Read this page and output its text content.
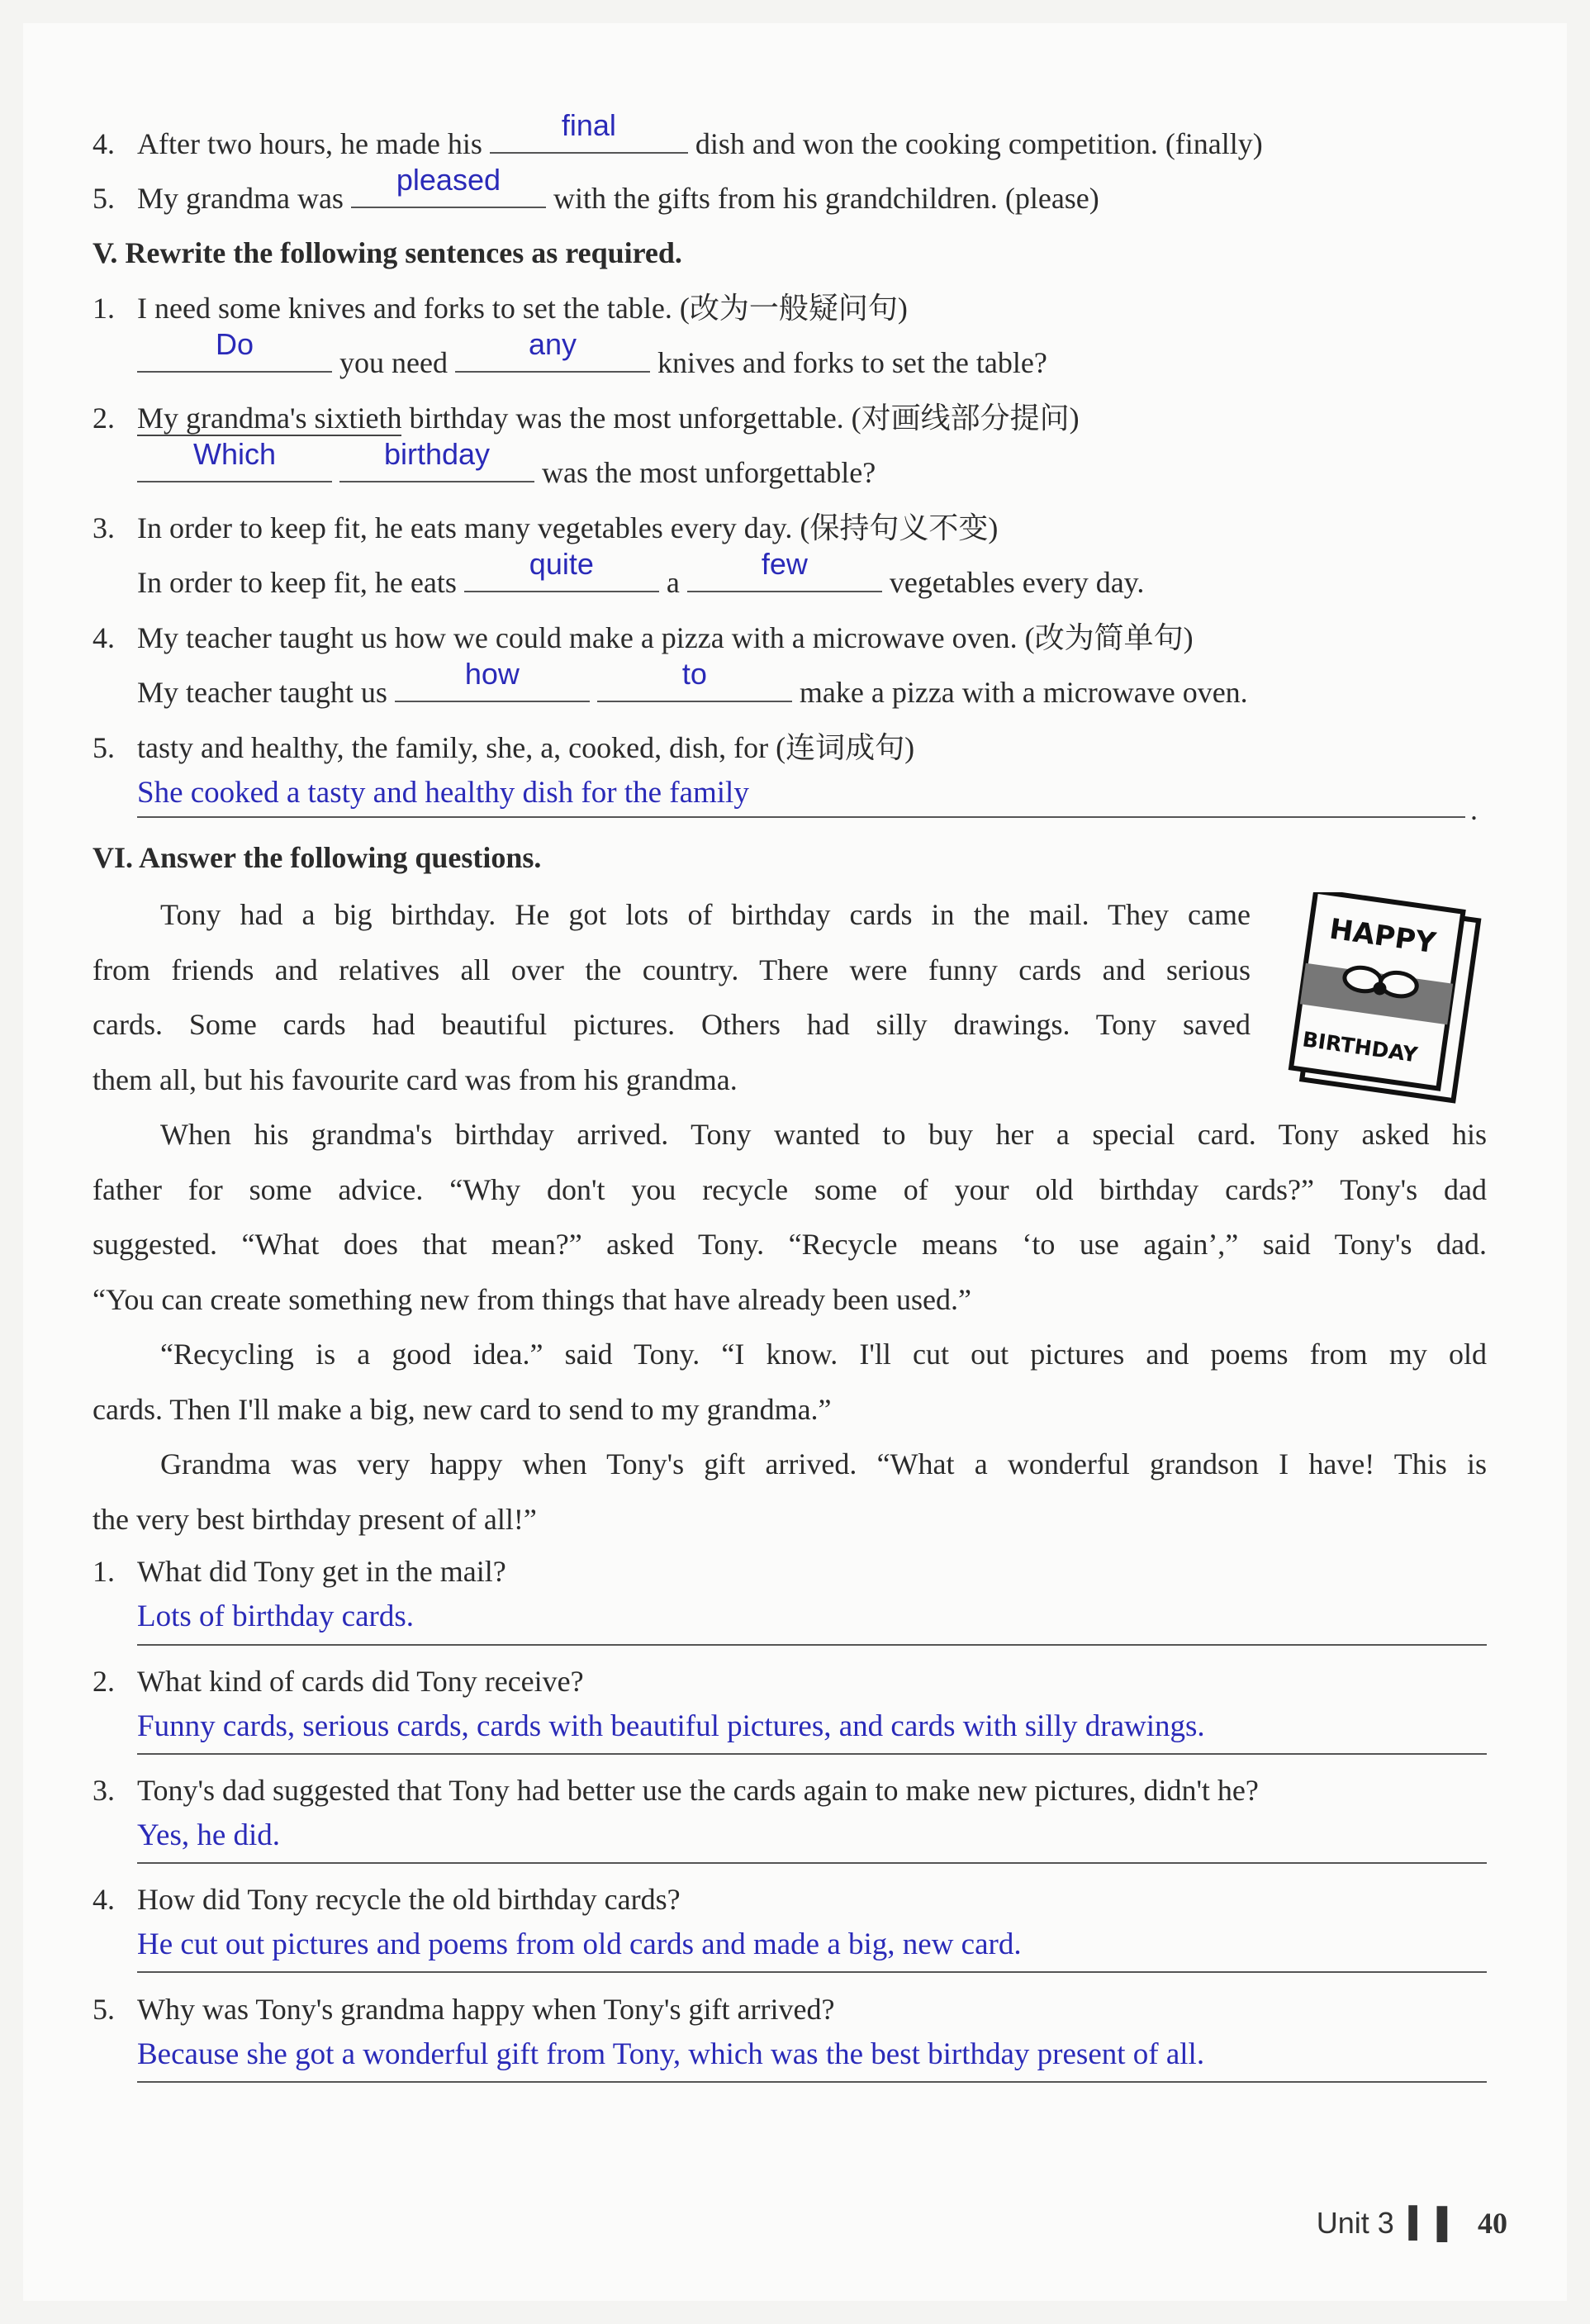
4. After two hours, he made his
final
dish and won the cooking competition. (finally)
5. My grandma was
pleased
with the gifts from his grandchildren. (please)
V. Rewrite the following sentences as required.
1. I need some knives and forks to set the table. (改为一般疑问句)
Do
you need
any
knives and forks to set the table?
2. My grandma's sixtieth birthday was the most unforgettable. (对画线部分提问)
Which
	birthday
was the most unforgettable?
3. In order to keep fit, he eats many vegetables every day. (保持句义不变)
In order to keep fit, he eats
quite
a
few
vegetables every day.
4. My teacher taught us how we could make a pizza with a microwave oven. (改为简单句)
My teacher taught us
how
	to
make a pizza with a microwave oven.
5. tasty and healthy, the family, she, a, cooked, dish, for (连词成句)
She cooked a tasty and healthy dish for the family	.
VI. Answer the following questions.
Tony had a big birthday. He got lots of birthday cards in the mail. They came
from friends and relatives all over the country. There were funny cards and serious
cards. Some cards had beautiful pictures. Others had silly drawings. Tony saved
them all, but his favourite card was from his grandma.
HAPPY
BIRTHDAY
When his grandma's birthday arrived. Tony wanted to buy her a special card. Tony asked his
father for some advice. “Why don't you recycle some of your old birthday cards?” Tony's dad
suggested. “What does that mean?” asked Tony. “Recycle means ‘to use again’,” said Tony's dad.
“You can create something new from things that have already been used.”
“Recycling is a good idea.” said Tony. “I know. I'll cut out pictures and poems from my old
cards. Then I'll make a big, new card to send to my grandma.”
Grandma was very happy when Tony's gift arrived. “What a wonderful grandson I have! This is
the very best birthday present of all!”
1. What did Tony get in the mail?
Lots of birthday cards.
2. What kind of cards did Tony receive?
Funny cards, serious cards, cards with beautiful pictures, and cards with silly drawings.
3. Tony's dad suggested that Tony had better use the cards again to make new pictures, didn't he?
Yes, he did.
4. How did Tony recycle the old birthday cards?
He cut out pictures and poems from old cards and made a big, new card.
5. Why was Tony's grandma happy when Tony's gift arrived?
Because she got a wonderful gift from Tony, which was the best birthday present of all.
Unit 3 ▍▌ 40
